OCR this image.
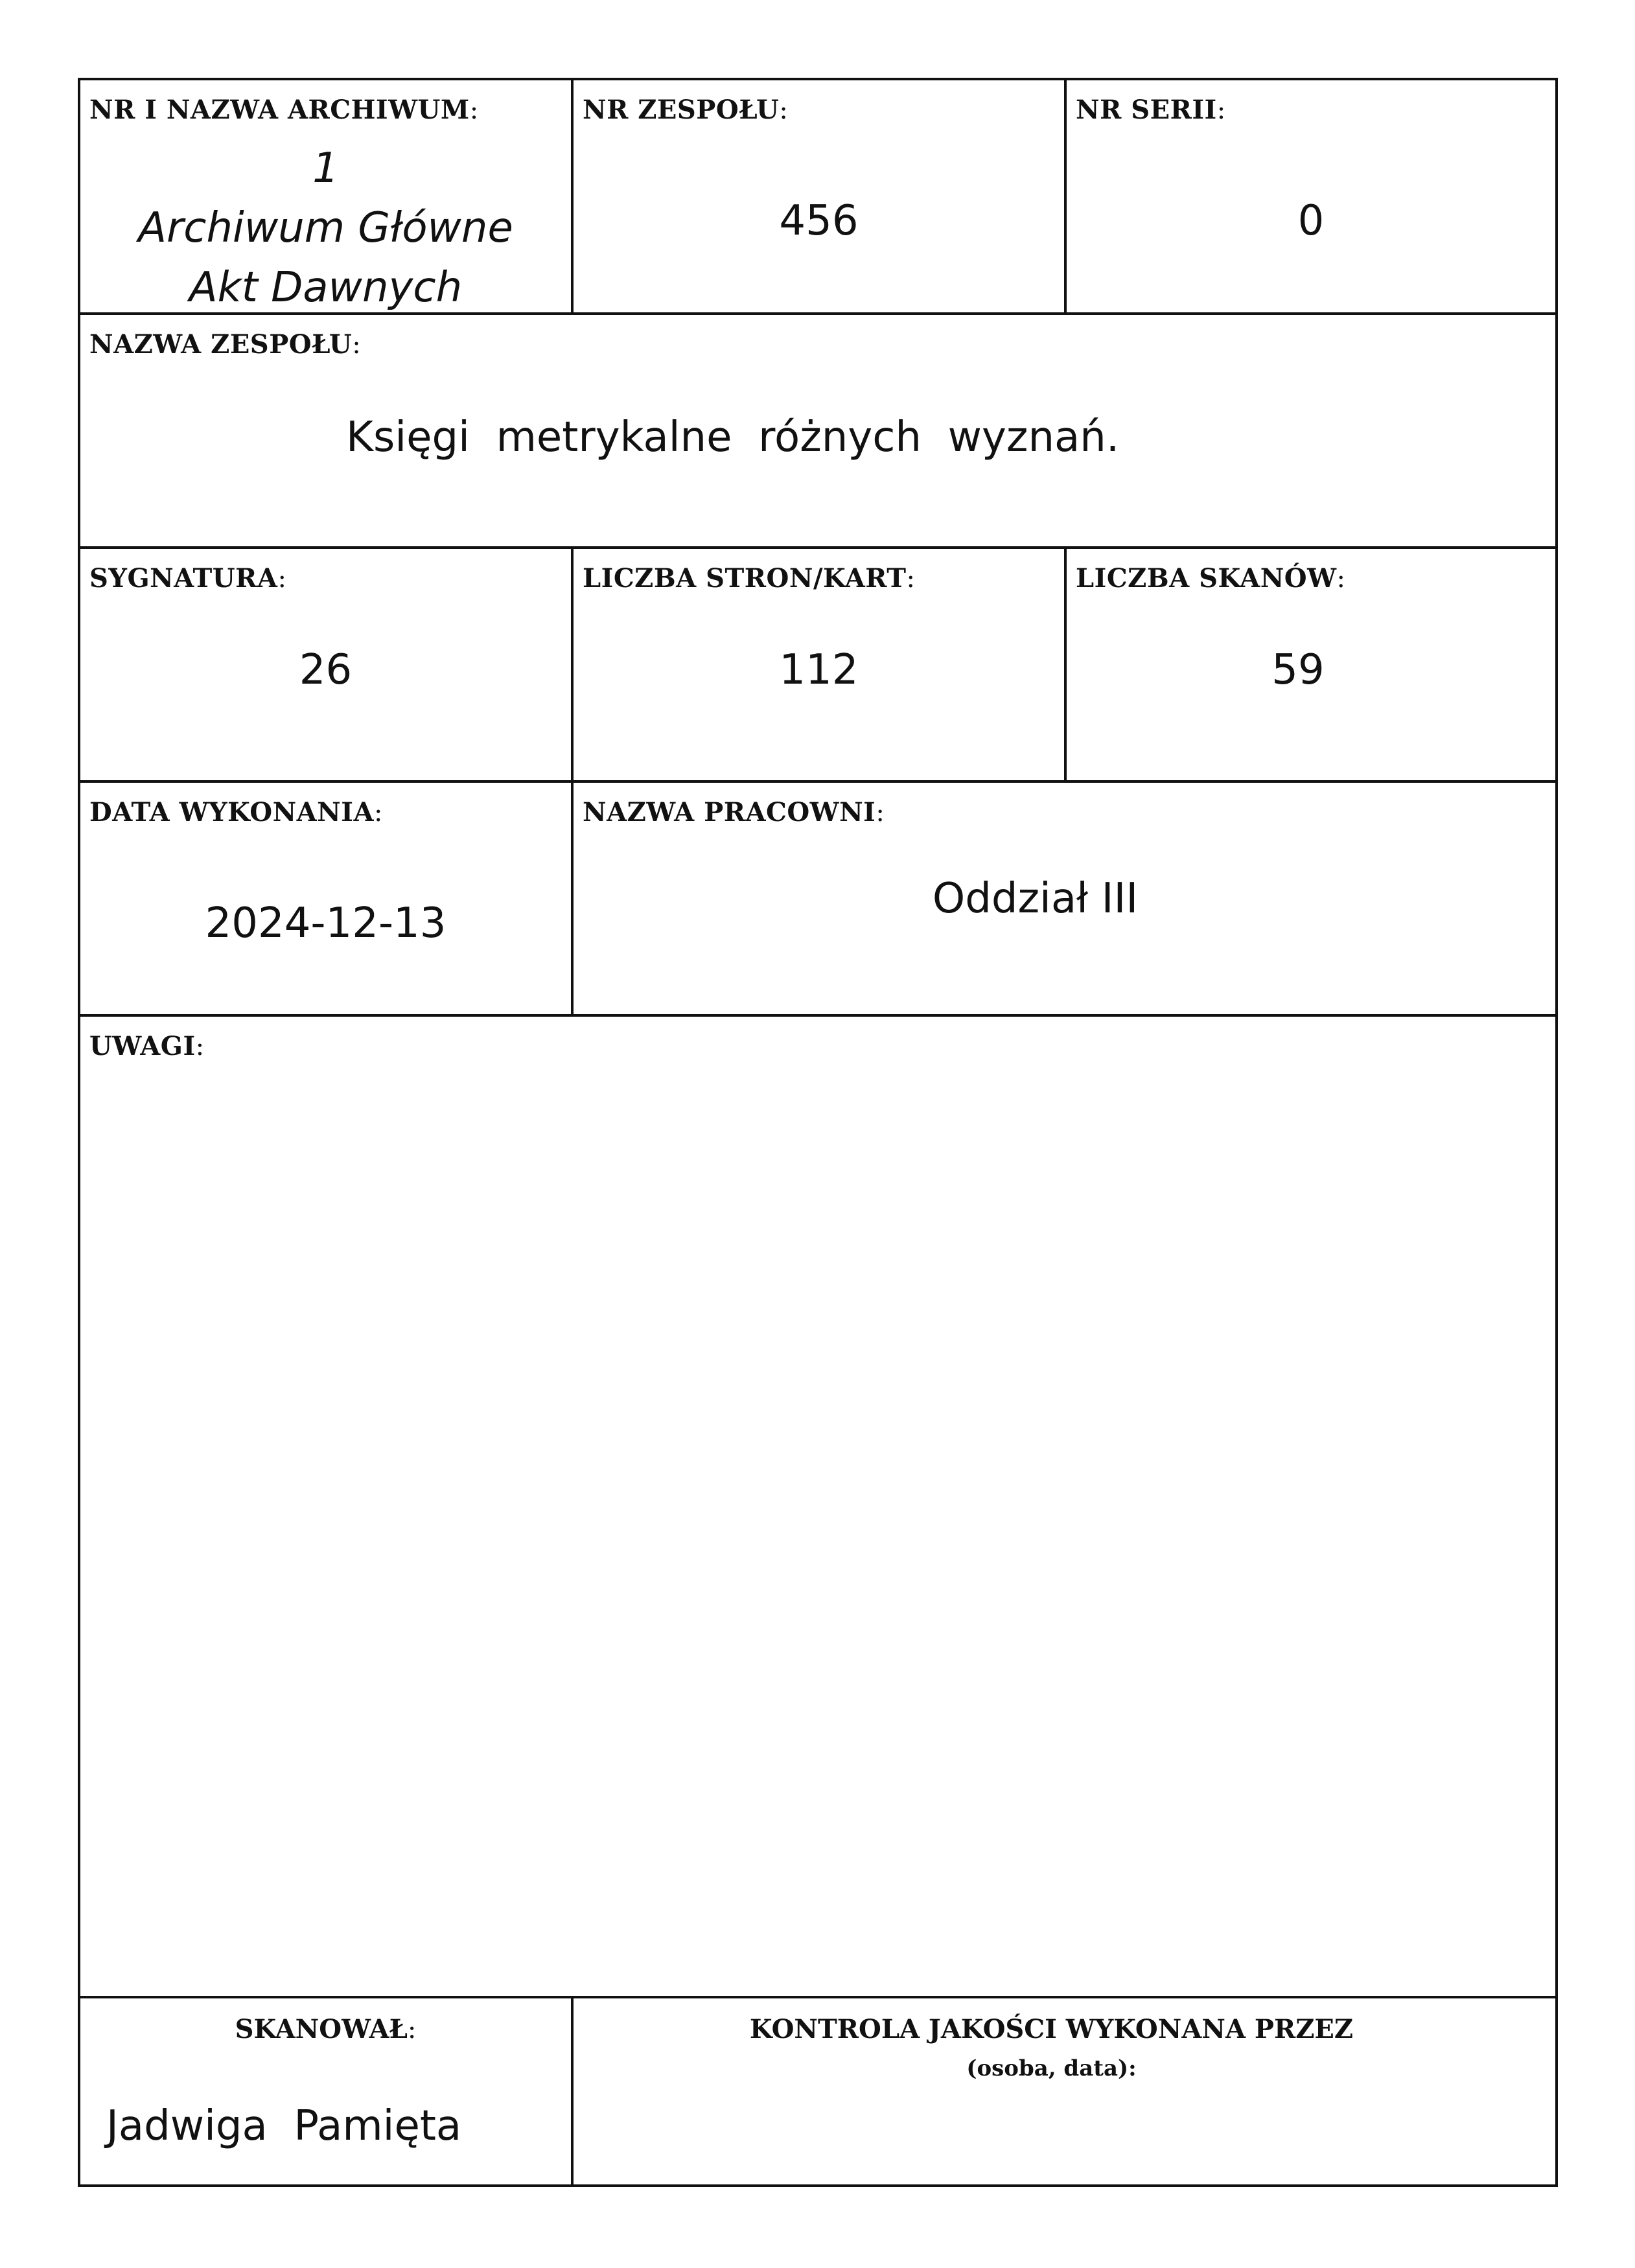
NR I NAZWA ARCHIWUM:
1
Archiwum Główne
Akt Dawnych
NR ZESPOŁU:
456
NR SERII:
0
NAZWA ZESPOŁU:
Księgi  metrykalne  różnych  wyznań.
SYGNATURA:
26
LICZBA STRON/KART:
112
LICZBA SKANÓW:
59
DATA WYKONANIA:
2024-12-13
NAZWA PRACOWNI:
Oddział III
UWAGI:
SKANOWAŁ:
Jadwiga  Pamięta
KONTROLA JAKOŚCI WYKONANA PRZEZ
(osoba, data):
